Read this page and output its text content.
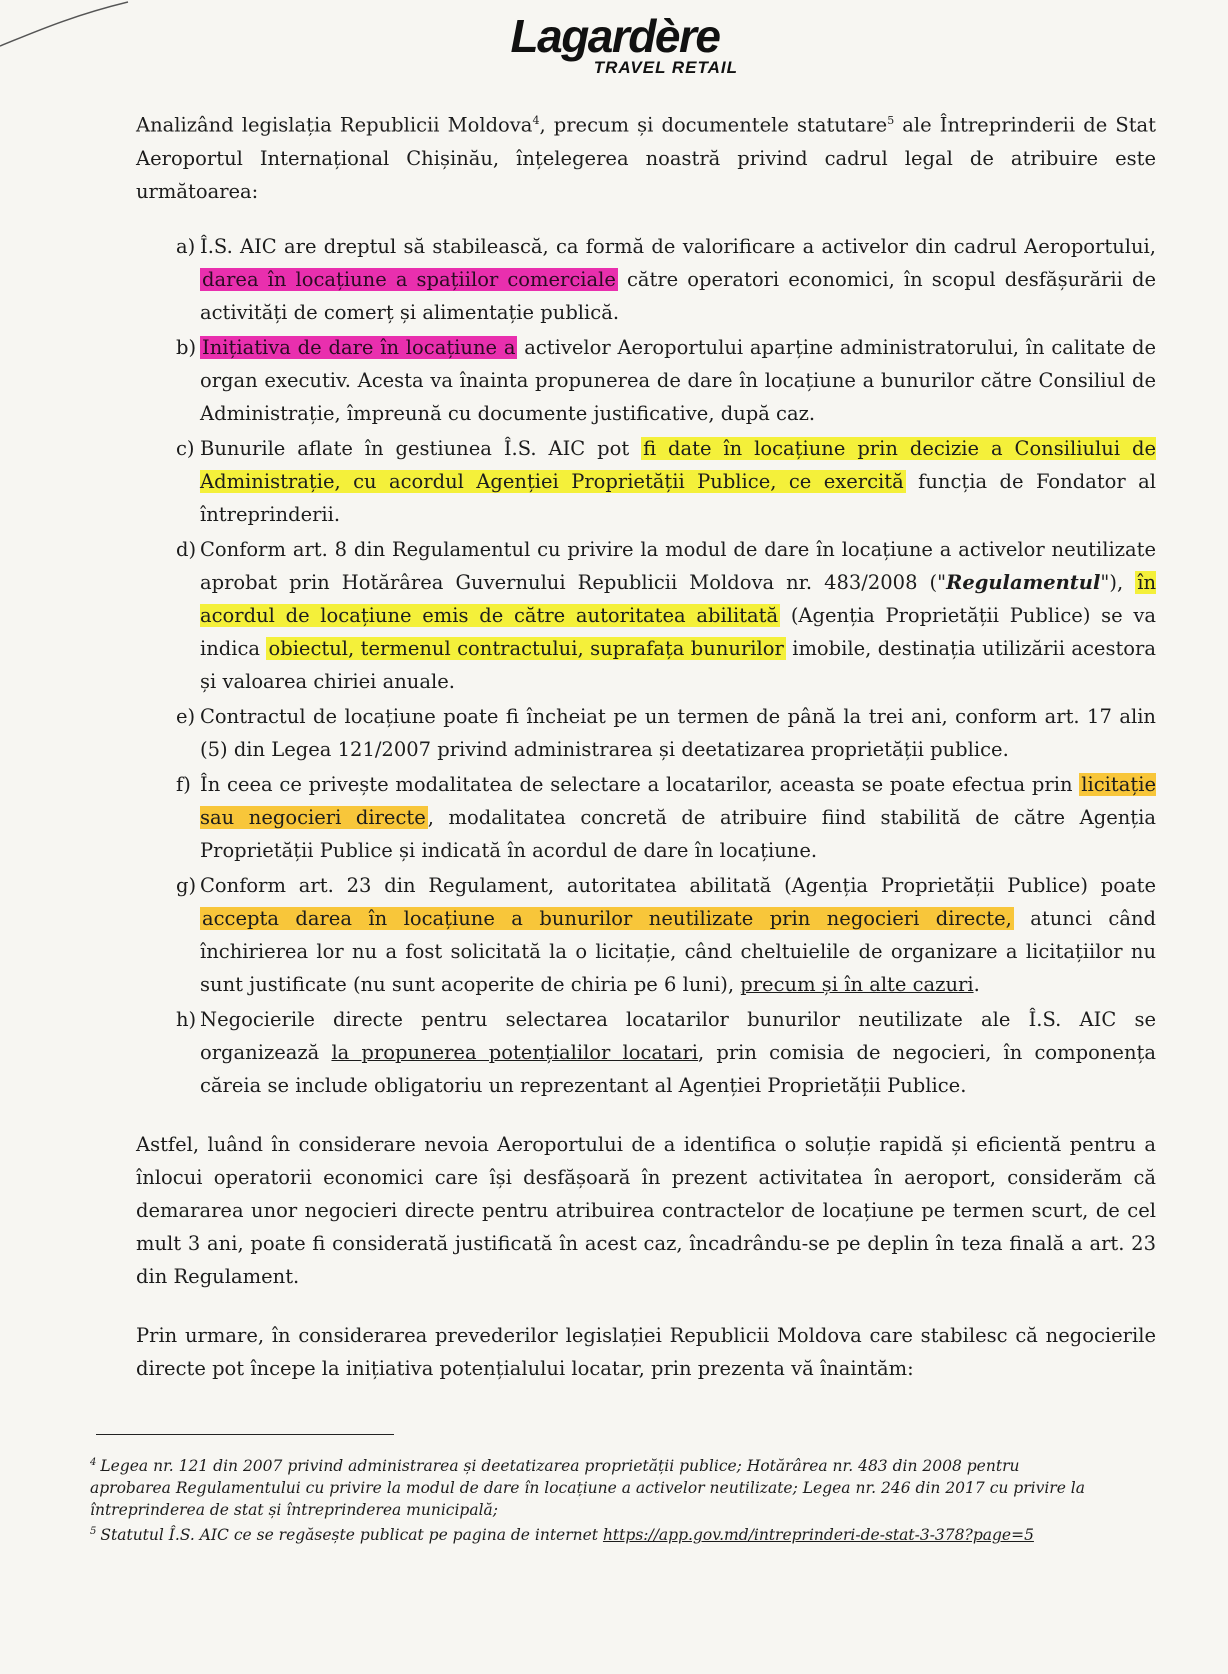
Lagardère
TRAVEL RETAIL

Analizând legislația Republicii Moldova$^4$, precum și documentele statutare$^5$ ale Întreprinderii de Stat Aeroportul Internațional Chișinău, înțelegerea noastră privind cadrul legal de atribuire este următoarea:

a) Î.S. AIC are dreptul să stabilească, ca formă de valorificare a activelor din cadrul Aeroportului, darea în locațiune a spațiilor comerciale către operatori economici, în scopul desfășurării de activități de comerț și alimentație publică.
b) Inițiativa de dare în locațiune a activelor Aeroportului aparține administratorului, în calitate de organ executiv. Acesta va înainta propunerea de dare în locațiune a bunurilor către Consiliul de Administrație, împreună cu documente justificative, după caz.
c) Bunurile aflate în gestiunea Î.S. AIC pot fi date în locațiune prin decizie a Consiliului de Administrație, cu acordul Agenției Proprietății Publice, ce exercită funcția de Fondator al întreprinderii.
d) Conform art. 8 din Regulamentul cu privire la modul de dare în locațiune a activelor neutilizate aprobat prin Hotărârea Guvernului Republicii Moldova nr. 483/2008 ("Regulamentul"), în acordul de locațiune emis de către autoritatea abilitată (Agenția Proprietății Publice) se va indica obiectul, termenul contractului, suprafața bunurilor imobile, destinația utilizării acestora și valoarea chiriei anuale.
e) Contractul de locațiune poate fi încheiat pe un termen de până la trei ani, conform art. 17 alin (5) din Legea 121/2007 privind administrarea și deetatizarea proprietății publice.
f) În ceea ce privește modalitatea de selectare a locatarilor, aceasta se poate efectua prin licitație sau negocieri directe , modalitatea concretă de atribuire fiind stabilită de către Agenția Proprietății Publice și indicată în acordul de dare în locațiune.
g) Conform art. 23 din Regulament, autoritatea abilitată (Agenția Proprietății Publice) poate accepta darea în locațiune a bunurilor neutilizate prin negocieri directe, atunci când închirierea lor nu a fost solicitată la o licitație, când cheltuielile de organizare a licitațiilor nu sunt justificate (nu sunt acoperite de chiria pe 6 luni), precum și în alte cazuri.
h) Negocierile directe pentru selectarea locatarilor bunurilor neutilizate ale Î.S. AIC se organizează la propunerea potențialilor locatari, prin comisia de negocieri, în componența căreia se include obligatoriu un reprezentant al Agenției Proprietății Publice.

Astfel, luând în considerare nevoia Aeroportului de a identifica o soluție rapidă și eficientă pentru a înlocui operatorii economici care își desfășoară în prezent activitatea în aeroport, considerăm că demararea unor negocieri directe pentru atribuirea contractelor de locațiune pe termen scurt, de cel mult 3 ani, poate fi considerată justificată în acest caz, încadrându-se pe deplin în teza finală a art. 23 din Regulament.

Prin urmare, în considerarea prevederilor legislației Republicii Moldova care stabilesc că negocierile directe pot începe la inițiativa potențialului locatar, prin prezenta vă înaintăm:

$^4$ Legea nr. 121 din 2007 privind administrarea și deetatizarea proprietății publice; Hotărârea nr. 483 din 2008 pentru aprobarea Regulamentului cu privire la modul de dare în locațiune a activelor neutilizate; Legea nr. 246 din 2017 cu privire la întreprinderea de stat și întreprinderea municipală;

$^5$ Statutul Î.S. AIC ce se regăsește publicat pe pagina de internet https://app.gov.md/intreprinderi-de-stat-3-378?page=5
